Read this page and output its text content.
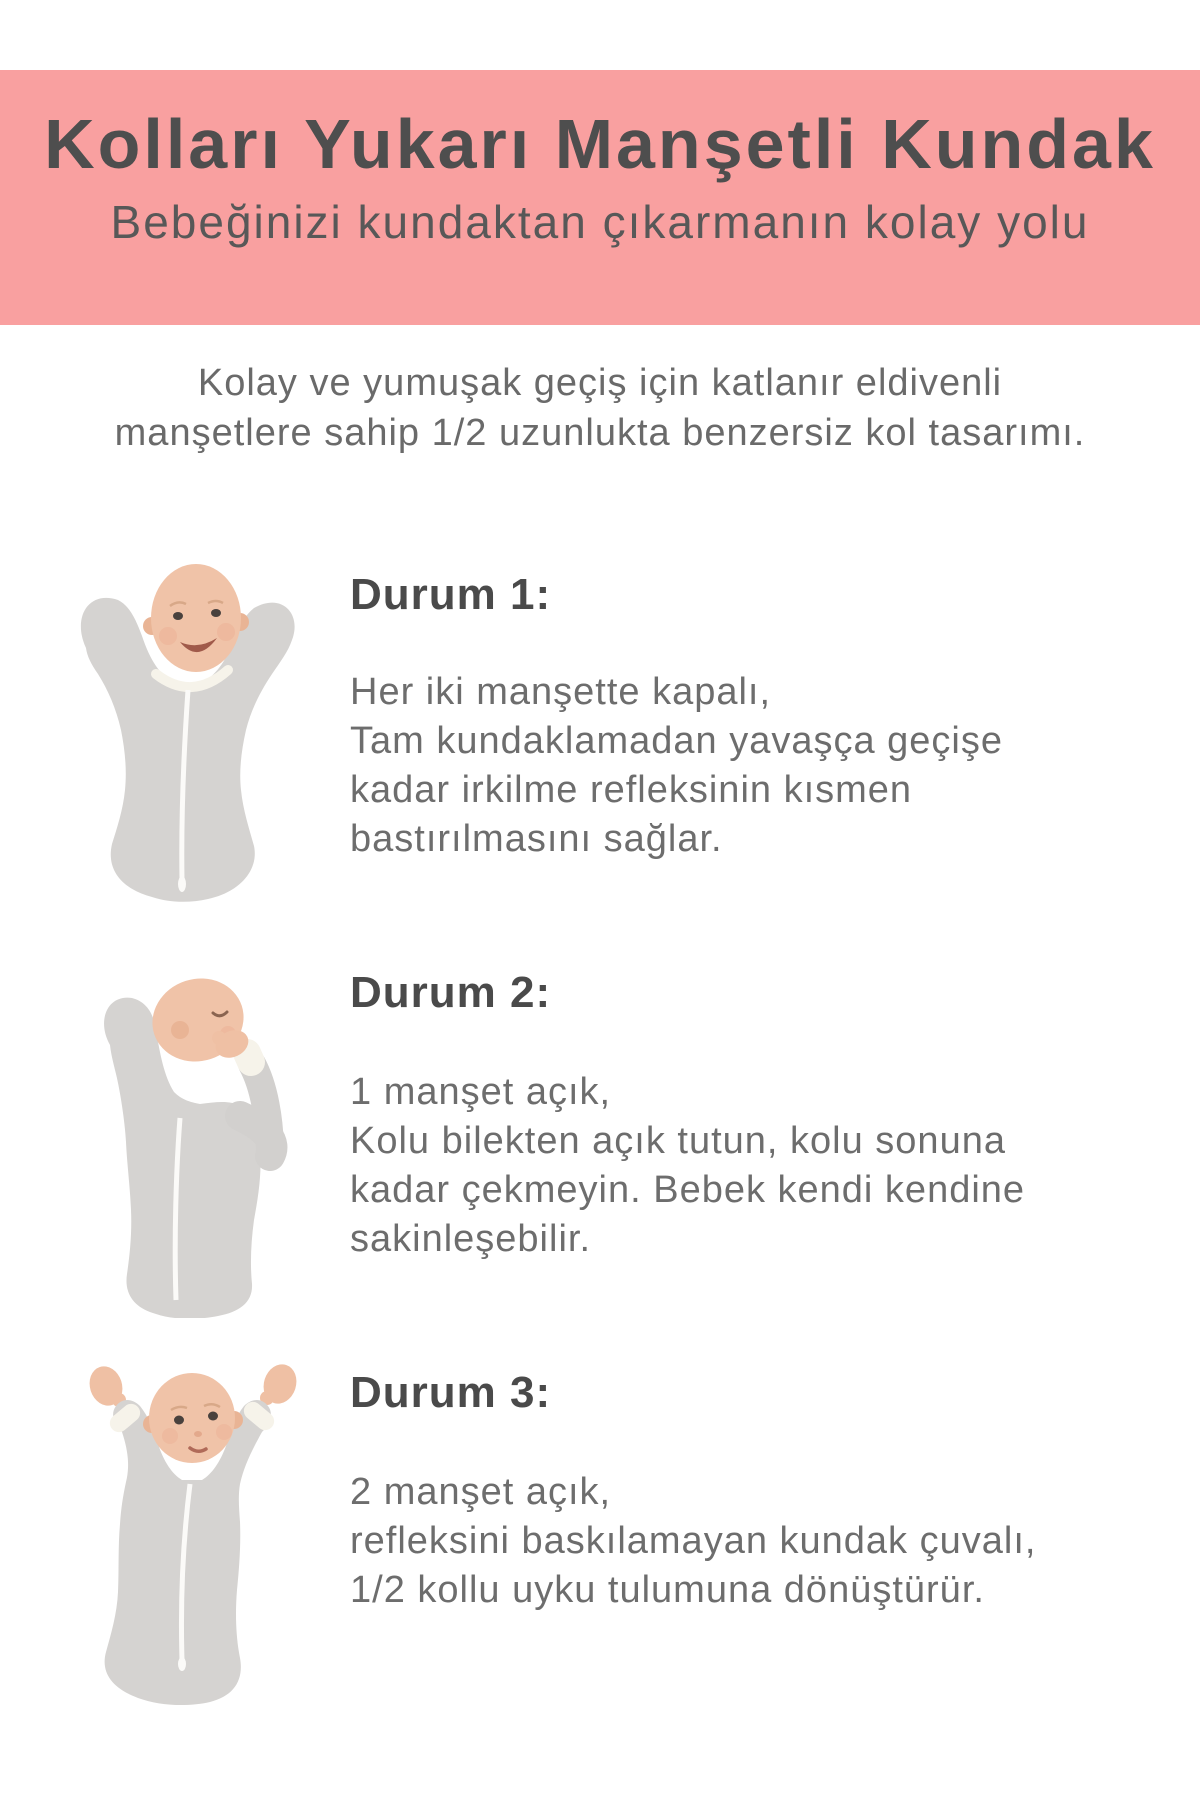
Kolları Yukarı Manşetli Kundak

Bebeğinizi kundaktan çıkarmanın kolay yolu

Kolay ve yumuşak geçiş için katlanır eldivenli
manşetlere sahip 1/2 uzunlukta benzersiz kol tasarımı.
Durum 1:
Her iki manşette kapalı,
Tam kundaklamadan yavaşça geçişe
kadar irkilme refleksinin kısmen
bastırılmasını sağlar.
Durum 2:
1 manşet açık,
Kolu bilekten açık tutun, kolu sonuna
kadar çekmeyin. Bebek kendi kendine
sakinleşebilir.
Durum 3:
2 manşet açık,
refleksini baskılamayan kundak çuvalı,
1/2 kollu uyku tulumuna dönüştürür.
